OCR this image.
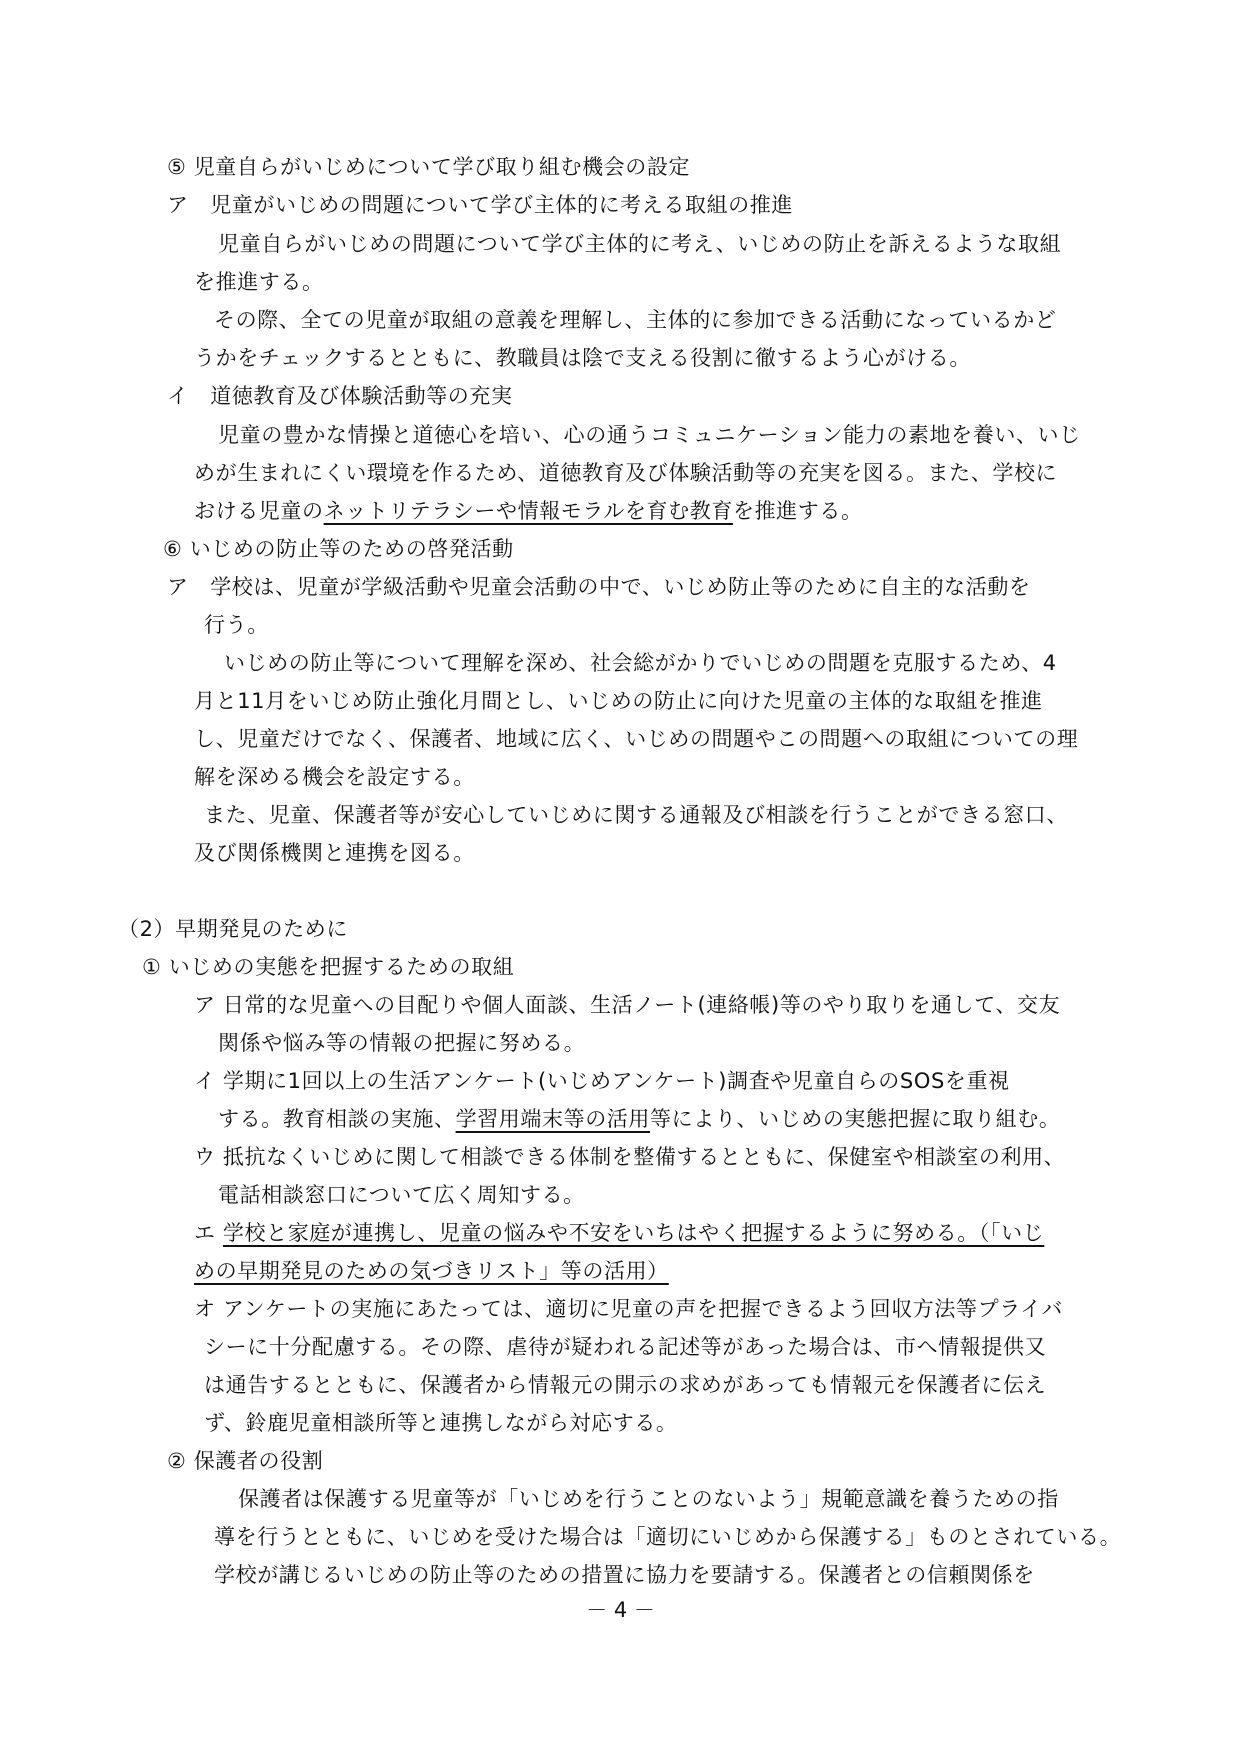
⑤ 児童自らがいじめについて学び取り組む機会の設定
ア　児童がいじめの問題について学び主体的に考える取組の推進
児童自らがいじめの問題について学び主体的に考え、いじめの防止を訴えるような取組
を推進する。
その際、全ての児童が取組の意義を理解し、主体的に参加できる活動になっているかど
うかをチェックするとともに、教職員は陰で支える役割に徹するよう心がける。
イ　道徳教育及び体験活動等の充実
児童の豊かな情操と道徳心を培い、心の通うコミュニケーション能力の素地を養い、いじ
めが生まれにくい環境を作るため、道徳教育及び体験活動等の充実を図る。また、学校に
おける児童のネットリテラシーや情報モラルを育む教育を推進する。
⑥ いじめの防止等のための啓発活動
ア　学校は、児童が学級活動や児童会活動の中で、いじめ防止等のために自主的な活動を
行う。
いじめの防止等について理解を深め、社会総がかりでいじめの問題を克服するため、4
月と11月をいじめ防止強化月間とし、いじめの防止に向けた児童の主体的な取組を推進
し、児童だけでなく、保護者、地域に広く、いじめの問題やこの問題への取組についての理
解を深める機会を設定する。
また、児童、保護者等が安心していじめに関する通報及び相談を行うことができる窓口、
及び関係機関と連携を図る。
（2）早期発見のために
① いじめの実態を把握するための取組
ア 日常的な児童への目配りや個人面談、生活ノート(連絡帳)等のやり取りを通して、交友
関係や悩み等の情報の把握に努める。
イ 学期に1回以上の生活アンケート(いじめアンケート)調査や児童自らのSOSを重視
する。教育相談の実施、学習用端末等の活用等により、いじめの実態把握に取り組む。
ウ 抵抗なくいじめに関して相談できる体制を整備するとともに、保健室や相談室の利用、
電話相談窓口について広く周知する。
エ 学校と家庭が連携し、児童の悩みや不安をいちはやく把握するように努める。（「いじ
めの早期発見のための気づきリスト」等の活用）
オ アンケートの実施にあたっては、適切に児童の声を把握できるよう回収方法等プライバ
シーに十分配慮する。その際、虐待が疑われる記述等があった場合は、市へ情報提供又
は通告するとともに、保護者から情報元の開示の求めがあっても情報元を保護者に伝え
ず、鈴鹿児童相談所等と連携しながら対応する。
② 保護者の役割
保護者は保護する児童等が「いじめを行うことのないよう」規範意識を養うための指
導を行うとともに、いじめを受けた場合は「適切にいじめから保護する」ものとされている。
学校が講じるいじめの防止等のための措置に協力を要請する。保護者との信頼関係を
－ 4 －
